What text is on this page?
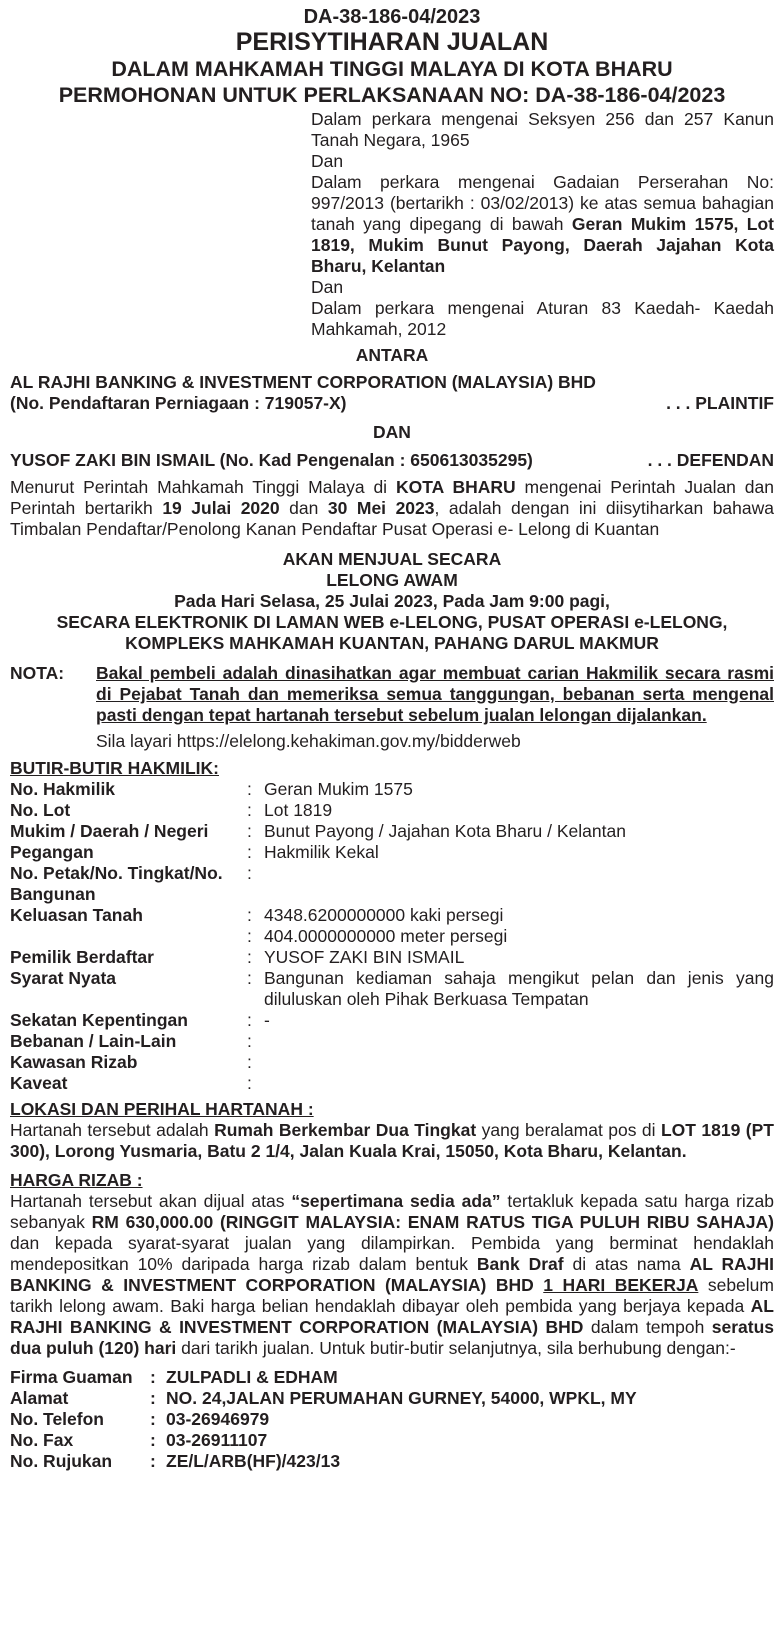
DA-38-186-04/2023
PERISYTIHARAN JUALAN
DALAM MAHKAMAH TINGGI MALAYA DI KOTA BHARU
PERMOHONAN UNTUK PERLAKSANAAN NO: DA-38-186-04/2023
Dalam perkara mengenai Seksyen 256 dan 257 Kanun Tanah Negara, 1965
Dan
Dalam perkara mengenai Gadaian Perserahan No: 997/2013 (bertarikh : 03/02/2013) ke atas semua bahagian tanah yang dipegang di bawah Geran Mukim 1575, Lot 1819, Mukim Bunut Payong, Daerah Jajahan Kota Bharu, Kelantan
Dan
Dalam perkara mengenai Aturan 83 Kaedah- Kaedah Mahkamah, 2012
ANTARA
AL RAJHI BANKING & INVESTMENT CORPORATION (MALAYSIA) BHD
(No. Pendaftaran Perniagaan : 719057-X)	. . . PLAINTIF
DAN
YUSOF ZAKI BIN ISMAIL (No. Kad Pengenalan : 650613035295)	. . . DEFENDAN
Menurut Perintah Mahkamah Tinggi Malaya di KOTA BHARU mengenai Perintah Jualan dan Perintah bertarikh 19 Julai 2020 dan 30 Mei 2023, adalah dengan ini diisytiharkan bahawa Timbalan Pendaftar/Penolong Kanan Pendaftar Pusat Operasi e- Lelong di Kuantan
AKAN MENJUAL SECARA
LELONG AWAM
Pada Hari Selasa, 25 Julai 2023, Pada Jam 9:00 pagi,
SECARA ELEKTRONIK DI LAMAN WEB e-LELONG, PUSAT OPERASI e-LELONG,
KOMPLEKS MAHKAMAH KUANTAN, PAHANG DARUL MAKMUR
NOTA:	Bakal pembeli adalah dinasihatkan agar membuat carian Hakmilik secara rasmi di Pejabat Tanah dan memeriksa semua tanggungan, bebanan serta mengenal pasti dengan tepat hartanah tersebut sebelum jualan lelongan dijalankan.
Sila layari https://elelong.kehakiman.gov.my/bidderweb
BUTIR-BUTIR HAKMILIK:
No. Hakmilik	:	Geran Mukim 1575
No. Lot	:	Lot 1819
Mukim / Daerah / Negeri	:	Bunut Payong / Jajahan Kota Bharu / Kelantan
Pegangan	:	Hakmilik Kekal
No. Petak/No. Tingkat/No. Bangunan	:	
Keluasan Tanah	:	4348.6200000000 kaki persegi
	:	404.0000000000 meter persegi
Pemilik Berdaftar	:	YUSOF ZAKI BIN ISMAIL
Syarat Nyata	:	Bangunan kediaman sahaja mengikut pelan dan jenis yang diluluskan oleh Pihak Berkuasa Tempatan
Sekatan Kepentingan	:	-
Bebanan / Lain-Lain	:	
Kawasan Rizab	:	
Kaveat	:	
LOKASI DAN PERIHAL HARTANAH :
Hartanah tersebut adalah Rumah Berkembar Dua Tingkat yang beralamat pos di LOT 1819 (PT 300), Lorong Yusmaria, Batu 2 1/4, Jalan Kuala Krai, 15050, Kota Bharu, Kelantan.
HARGA RIZAB :
Hartanah tersebut akan dijual atas “sepertimana sedia ada” tertakluk kepada satu harga rizab sebanyak RM 630,000.00 (RINGGIT MALAYSIA: ENAM RATUS TIGA PULUH RIBU SAHAJA) dan kepada syarat-syarat jualan yang dilampirkan. Pembida yang berminat hendaklah mendepositkan 10% daripada harga rizab dalam bentuk Bank Draf di atas nama AL RAJHI BANKING & INVESTMENT CORPORATION (MALAYSIA) BHD 1 HARI BEKERJA sebelum tarikh lelong awam. Baki harga belian hendaklah dibayar oleh pembida yang berjaya kepada AL RAJHI BANKING & INVESTMENT CORPORATION (MALAYSIA) BHD dalam tempoh seratus dua puluh (120) hari dari tarikh jualan. Untuk butir-butir selanjutnya, sila berhubung dengan:-
Firma Guaman	:	ZULPADLI & EDHAM
Alamat	:	NO. 24,JALAN PERUMAHAN GURNEY, 54000, WPKL, MY
No. Telefon	:	03-26946979
No. Fax	:	03-26911107
No. Rujukan	:	ZE/L/ARB(HF)/423/13
